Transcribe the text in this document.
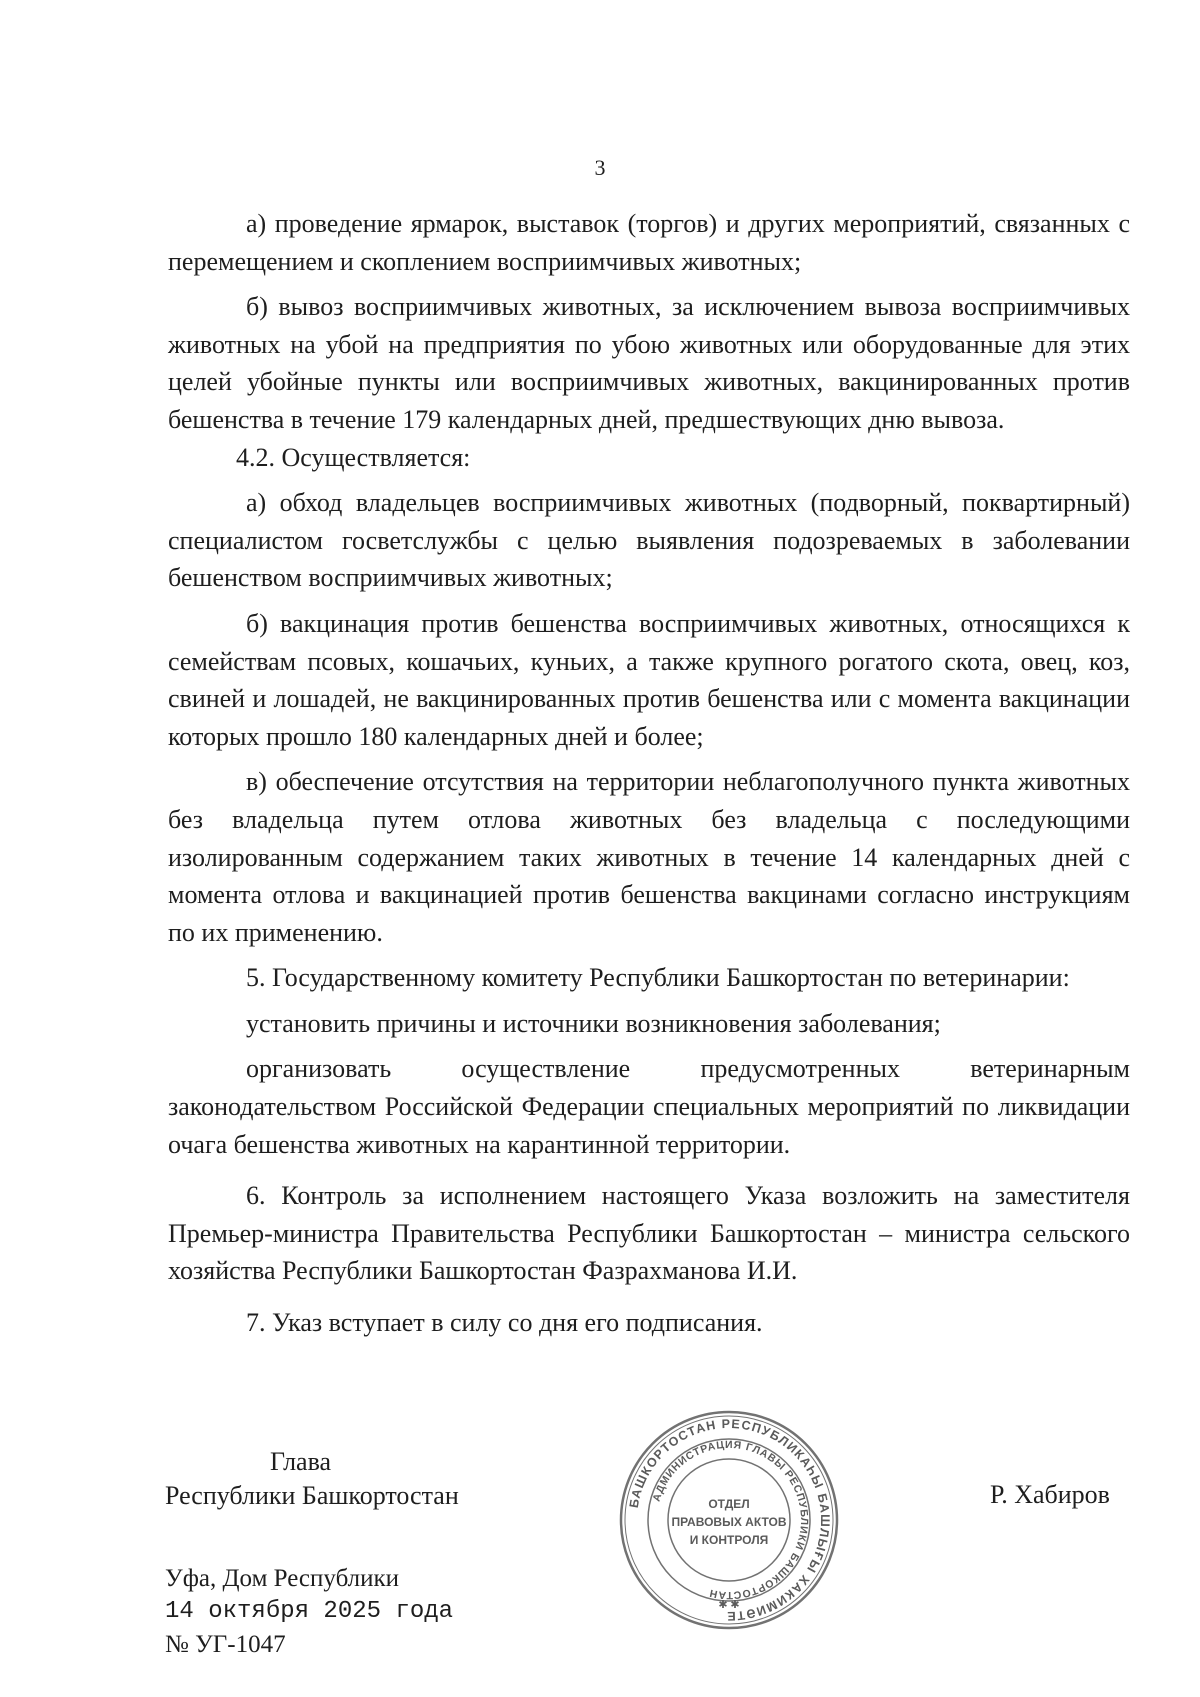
3

а) проведение ярмарок, выставок (торгов) и других мероприятий, связанных с перемещением и скоплением восприимчивых животных;

б) вывоз восприимчивых животных, за исключением вывоза восприимчивых животных на убой на предприятия по убою животных или оборудованные для этих целей убойные пункты или восприимчивых животных, вакцинированных против бешенства в течение 179 календарных дней, предшествующих дню вывоза.

4.2. Осуществляется:

а) обход владельцев восприимчивых животных (подворный, поквартирный) специалистом госветслужбы с целью выявления подозреваемых в заболевании бешенством восприимчивых животных;

б) вакцинация против бешенства восприимчивых животных, относящихся к семействам псовых, кошачьих, куньих, а также крупного рогатого скота, овец, коз, свиней и лошадей, не вакцинированных против бешенства или с момента вакцинации которых прошло 180 календарных дней и более;

в) обеспечение отсутствия на территории неблагополучного пункта животных без владельца путем отлова животных без владельца с последующими изолированным содержанием таких животных в течение 14 календарных дней с момента отлова и вакцинацией против бешенства вакцинами согласно инструкциям по их применению.

5. Государственному комитету Республики Башкортостан по ветеринарии:

установить причины и источники возникновения заболевания;

организовать осуществление предусмотренных ветеринарным законодательством Российской Федерации специальных мероприятий по ликвидации очага бешенства животных на карантинной территории.

6. Контроль за исполнением настоящего Указа возложить на заместителя Премьер-министра Правительства Республики Башкортостан – министра сельского хозяйства Республики Башкортостан Фазрахманова И.И.

7. Указ вступает в силу со дня его подписания.

Глава
Республики Башкортостан	Р. Хабиров
Уфа, Дом Республики
14 октября 2025 года
№ УГ-1047
БАШКОРТОСТАН РЕСПУБЛИКАҺЫ БАШЛЫҒЫ ХАКИМИӘТЕ
АДМИНИСТРАЦИЯ ГЛАВЫ РЕСПУБЛИКИ БАШКОРТОСТАН
ОТДЕЛ
ПРАВОВЫХ АКТОВ
И КОНТРОЛЯ
✱ ✱
